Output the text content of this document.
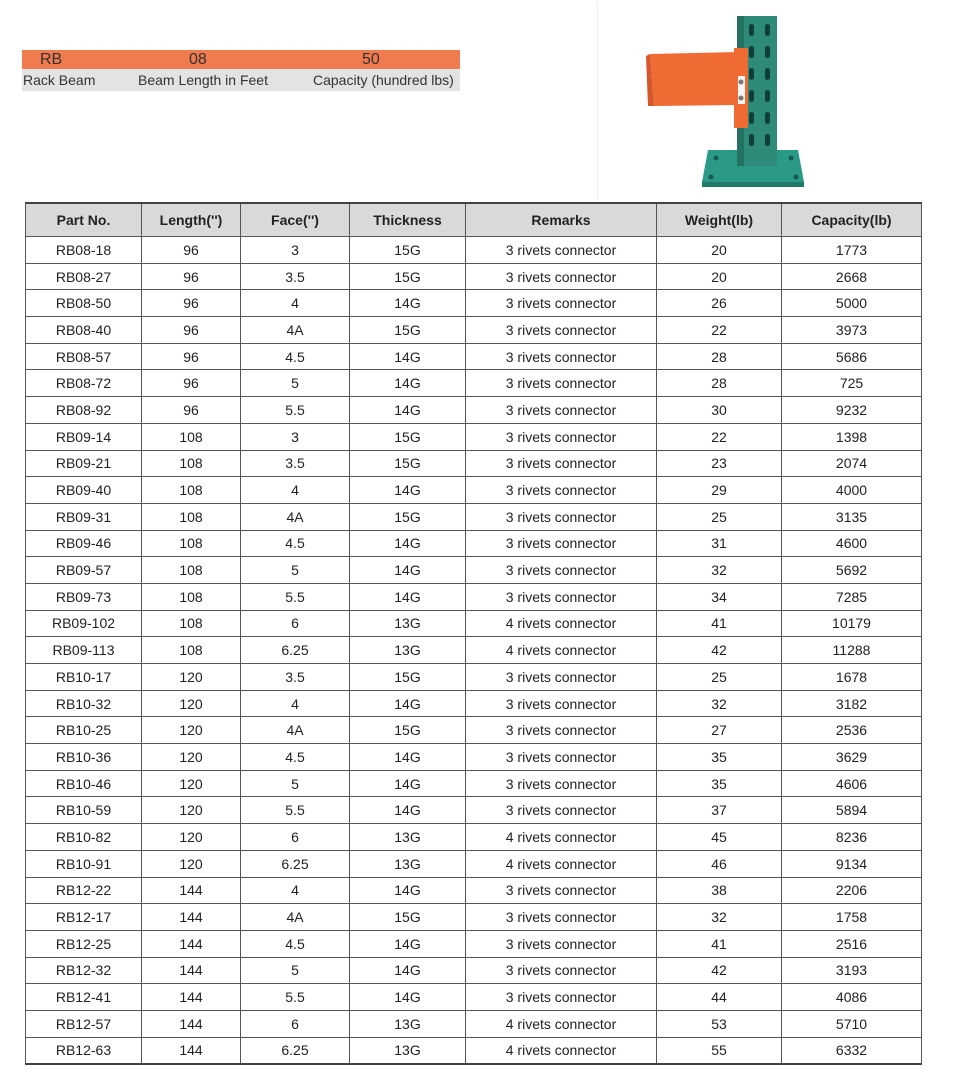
RB	08	50
Rack Beam	Beam Length in Feet	Capacity (hundred lbs)
Part No.	Length('')	Face('')	Thickness	Remarks	Weight(lb)	Capacity(lb)
RB08-18	96	3	15G	3 rivets connector	20	1773
RB08-27	96	3.5	15G	3 rivets connector	20	2668
RB08-50	96	4	14G	3 rivets connector	26	5000
RB08-40	96	4A	15G	3 rivets connector	22	3973
RB08-57	96	4.5	14G	3 rivets connector	28	5686
RB08-72	96	5	14G	3 rivets connector	28	725
RB08-92	96	5.5	14G	3 rivets connector	30	9232
RB09-14	108	3	15G	3 rivets connector	22	1398
RB09-21	108	3.5	15G	3 rivets connector	23	2074
RB09-40	108	4	14G	3 rivets connector	29	4000
RB09-31	108	4A	15G	3 rivets connector	25	3135
RB09-46	108	4.5	14G	3 rivets connector	31	4600
RB09-57	108	5	14G	3 rivets connector	32	5692
RB09-73	108	5.5	14G	3 rivets connector	34	7285
RB09-102	108	6	13G	4 rivets connector	41	10179
RB09-113	108	6.25	13G	4 rivets connector	42	11288
RB10-17	120	3.5	15G	3 rivets connector	25	1678
RB10-32	120	4	14G	3 rivets connector	32	3182
RB10-25	120	4A	15G	3 rivets connector	27	2536
RB10-36	120	4.5	14G	3 rivets connector	35	3629
RB10-46	120	5	14G	3 rivets connector	35	4606
RB10-59	120	5.5	14G	3 rivets connector	37	5894
RB10-82	120	6	13G	4 rivets connector	45	8236
RB10-91	120	6.25	13G	4 rivets connector	46	9134
RB12-22	144	4	14G	3 rivets connector	38	2206
RB12-17	144	4A	15G	3 rivets connector	32	1758
RB12-25	144	4.5	14G	3 rivets connector	41	2516
RB12-32	144	5	14G	3 rivets connector	42	3193
RB12-41	144	5.5	14G	3 rivets connector	44	4086
RB12-57	144	6	13G	4 rivets connector	53	5710
RB12-63	144	6.25	13G	4 rivets connector	55	6332
